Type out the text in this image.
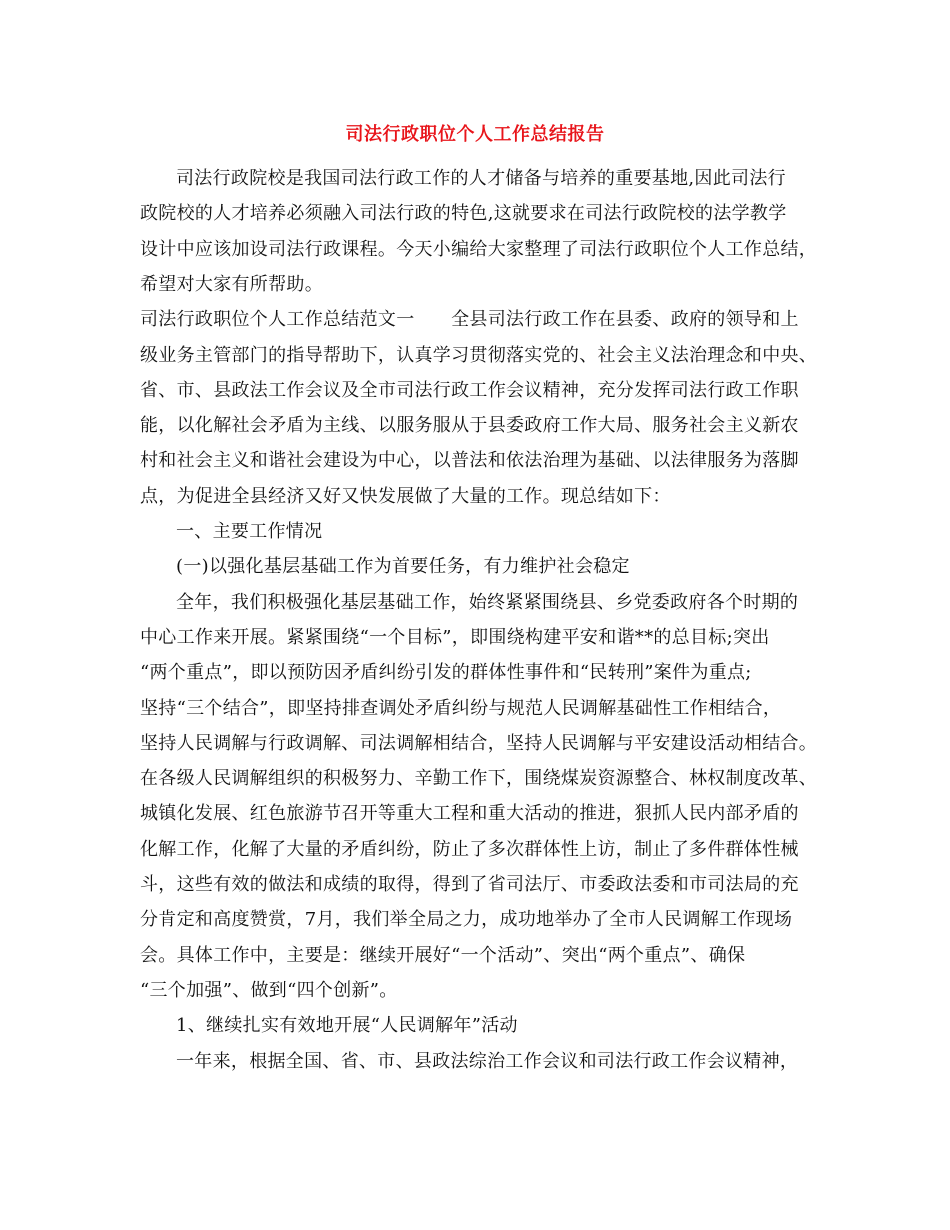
司法行政职位个人工作总结报告
司法行政院校是我国司法行政工作的人才储备与培养的重要基地,因此司法行
政院校的人才培养必须融入司法行政的特色,这就要求在司法行政院校的法学教学
设计中应该加设司法行政课程。今天小编给大家整理了司法行政职位个人工作总结，
希望对大家有所帮助。
司法行政职位个人工作总结范文一　　全县司法行政工作在县委、政府的领导和上
级业务主管部门的指导帮助下，认真学习贯彻落实党的、社会主义法治理念和中央、
省、市、县政法工作会议及全市司法行政工作会议精神，充分发挥司法行政工作职
能，以化解社会矛盾为主线、以服务服从于县委政府工作大局、服务社会主义新农
村和社会主义和谐社会建设为中心，以普法和依法治理为基础、以法律服务为落脚
点，为促进全县经济又好又快发展做了大量的工作。现总结如下：
一、主要工作情况
(一)以强化基层基础工作为首要任务，有力维护社会稳定
全年，我们积极强化基层基础工作，始终紧紧围绕县、乡党委政府各个时期的
中心工作来开展。紧紧围绕“一个目标”，即围绕构建平安和谐**的总目标;突出
“两个重点”，即以预防因矛盾纠纷引发的群体性事件和“民转刑”案件为重点;
坚持“三个结合”，即坚持排查调处矛盾纠纷与规范人民调解基础性工作相结合，
坚持人民调解与行政调解、司法调解相结合，坚持人民调解与平安建设活动相结合。
在各级人民调解组织的积极努力、辛勤工作下，围绕煤炭资源整合、林权制度改革、
城镇化发展、红色旅游节召开等重大工程和重大活动的推进，狠抓人民内部矛盾的
化解工作，化解了大量的矛盾纠纷，防止了多次群体性上访，制止了多件群体性械
斗，这些有效的做法和成绩的取得，得到了省司法厅、市委政法委和市司法局的充
分肯定和高度赞赏，7月，我们举全局之力，成功地举办了全市人民调解工作现场
会。具体工作中，主要是：继续开展好“一个活动”、突出“两个重点”、确保
“三个加强”、做到“四个创新”。
1、继续扎实有效地开展“人民调解年”活动
一年来，根据全国、省、市、县政法综治工作会议和司法行政工作会议精神，
